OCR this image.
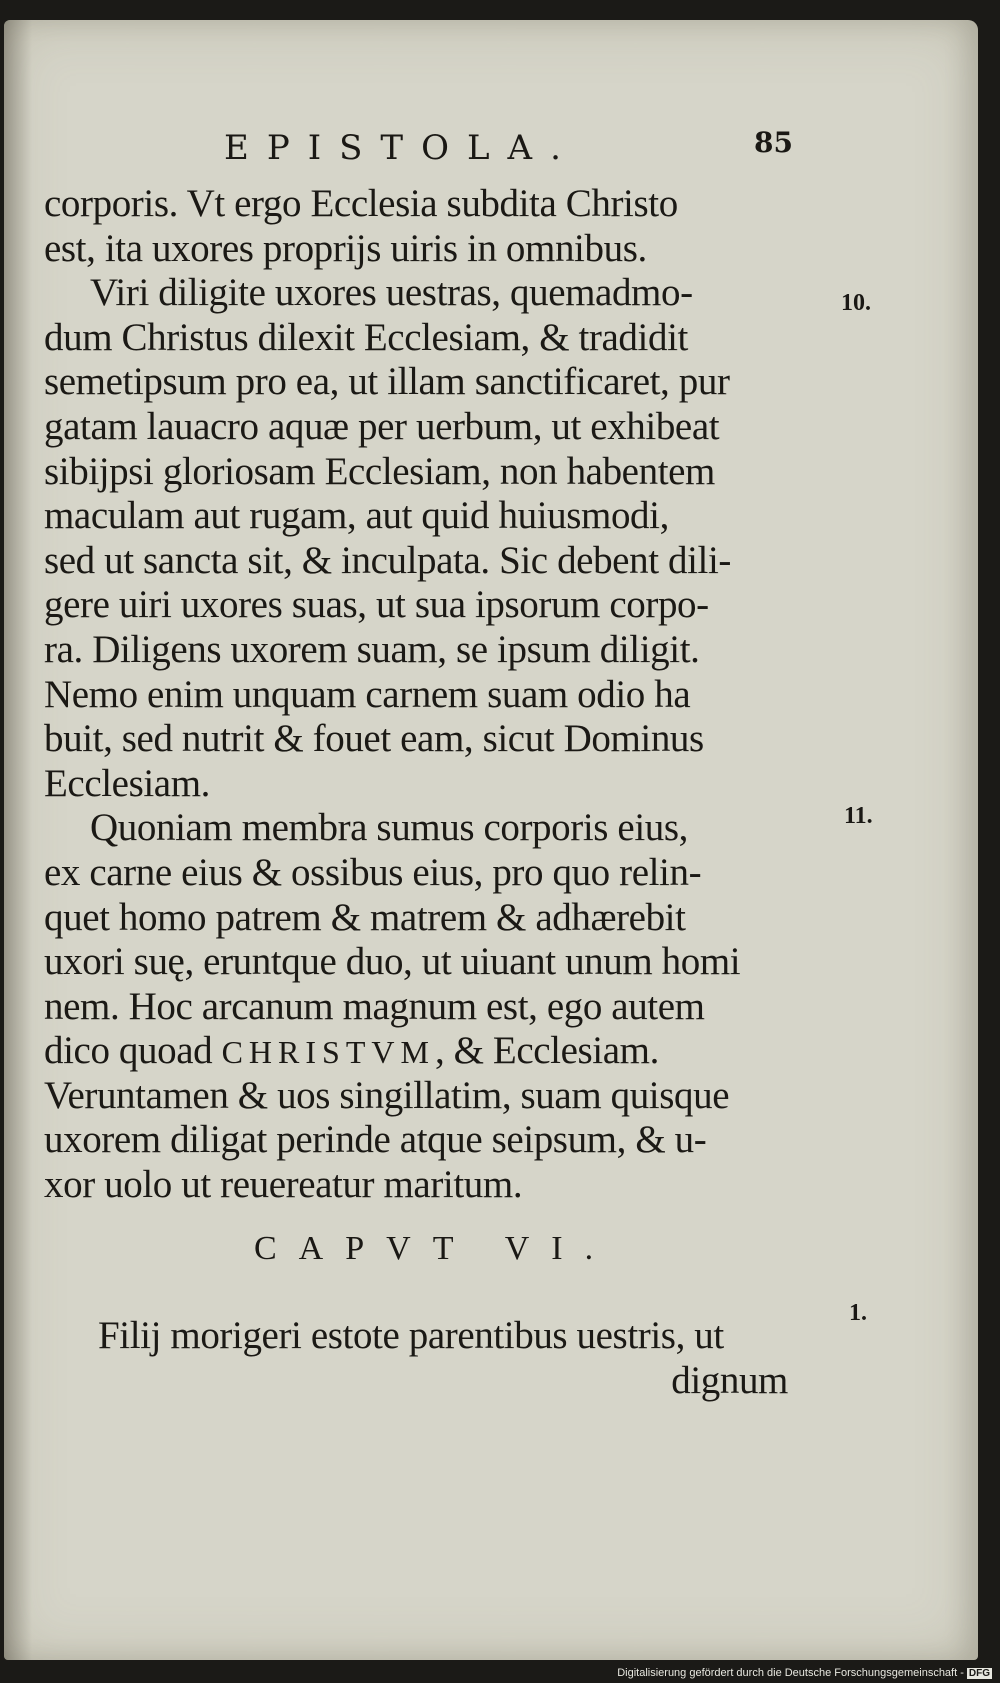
EPISTOLA.	85
corporis. Vt ergo Ecclesia subdita Christo
est, ita uxores proprijs uiris in omnibus.
Viri diligite uxores uestras, quemadmo-
dum Christus dilexit Ecclesiam, & tradidit
semetipsum pro ea, ut illam sanctificaret, pur
gatam lauacro aquæ per uerbum, ut exhibeat
sibijpsi gloriosam Ecclesiam, non habentem
maculam aut rugam, aut quid huiusmodi,
sed ut sancta sit, & inculpata. Sic debent dili-
gere uiri uxores suas, ut sua ipsorum corpo-
ra. Diligens uxorem suam, se ipsum diligit.
Nemo enim unquam carnem suam odio ha
buit, sed nutrit & fouet eam, sicut Dominus
Ecclesiam.
Quoniam membra sumus corporis eius,
ex carne eius & ossibus eius, pro quo relin-
quet homo patrem & matrem & adhærebit
uxori suę, eruntque duo, ut uiuant unum homi
nem. Hoc arcanum magnum est, ego autem
dico quoad CHRISTVM, & Ecclesiam.
Veruntamen & uos singillatim, suam quisque
uxorem diligat perinde atque seipsum, & u-
xor uolo ut reuereatur maritum.
10.
11.
1.
CAPVT VI.
Filij morigeri estote parentibus uestris, ut
dignum
Digitalisierung gefördert durch die Deutsche Forschungsgemeinschaft - DFG
